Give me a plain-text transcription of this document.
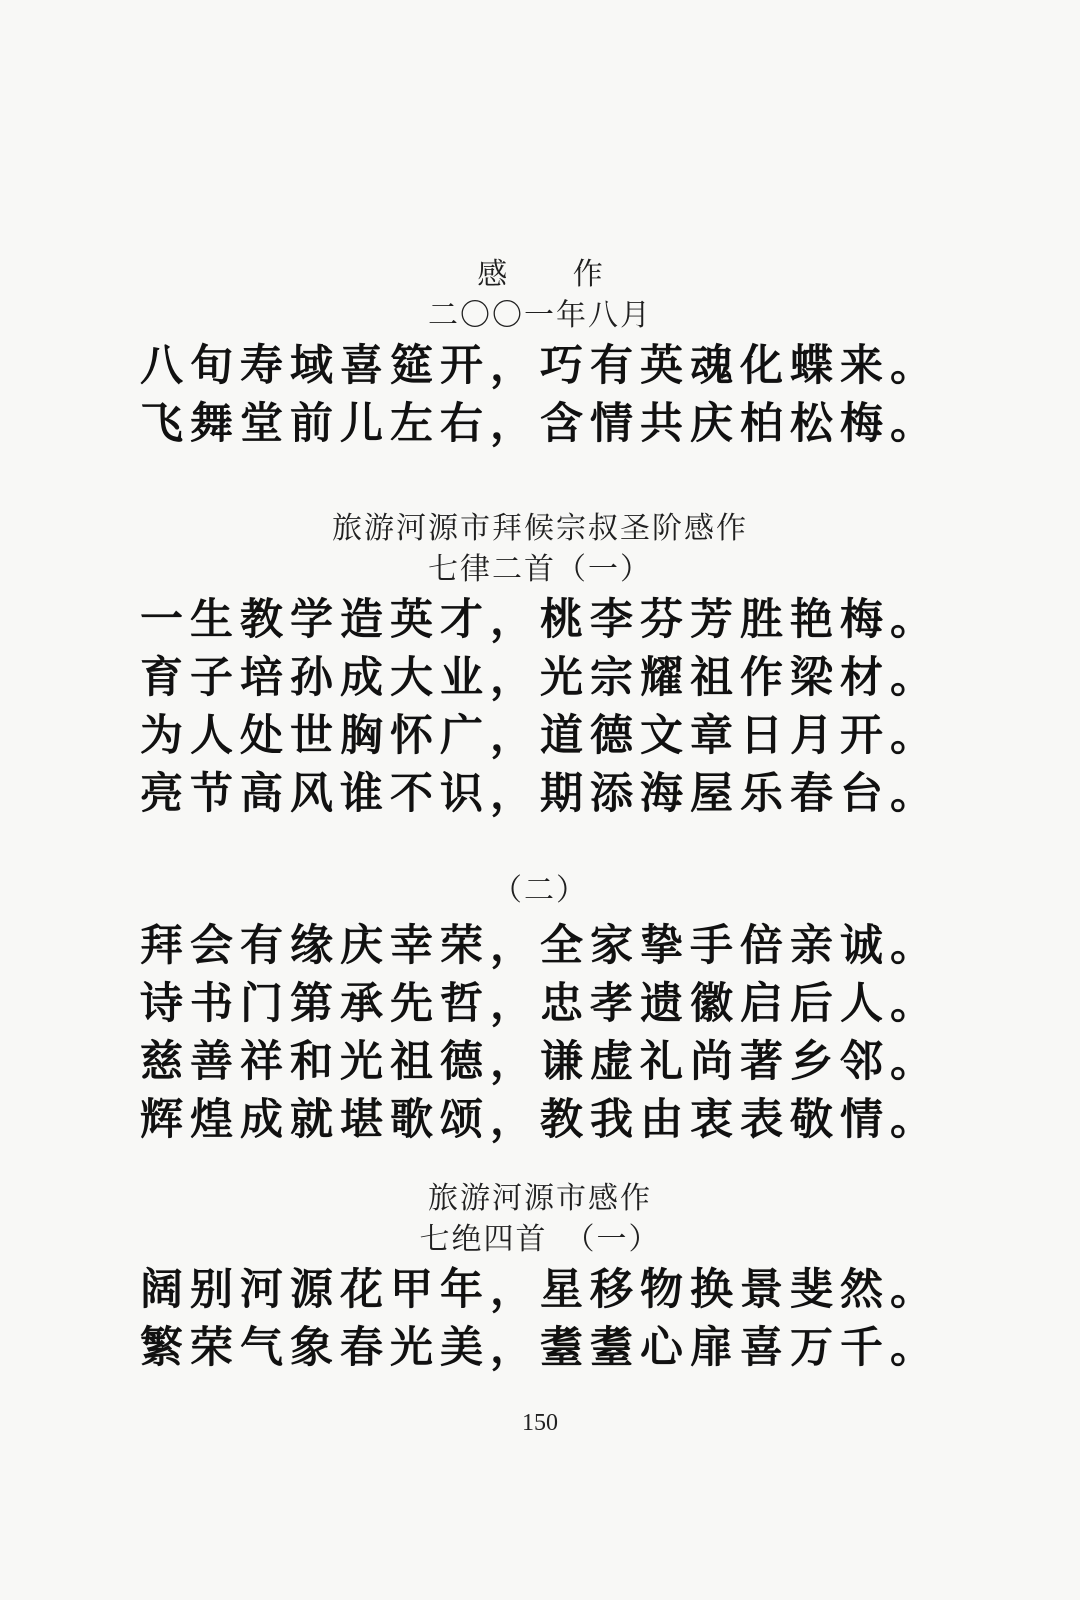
感 作
二〇〇一年八月
八旬寿域喜筵开，巧有英魂化蝶来。
飞舞堂前儿左右，含情共庆柏松梅。
旅游河源市拜候宗叔圣阶感作
七律二首（一）
一生教学造英才，桃李芬芳胜艳梅。
育子培孙成大业，光宗耀祖作梁材。
为人处世胸怀广，道德文章日月开。
亮节高风谁不识，期添海屋乐春台。
（二）
拜会有缘庆幸荣，全家挚手倍亲诚。
诗书门第承先哲，忠孝遗徽启后人。
慈善祥和光祖德，谦虚礼尚著乡邻。
辉煌成就堪歌颂，教我由衷表敬情。
旅游河源市感作
七绝四首　（一）
阔别河源花甲年，星移物换景斐然。
繁荣气象春光美，耋耋心扉喜万千。
150
